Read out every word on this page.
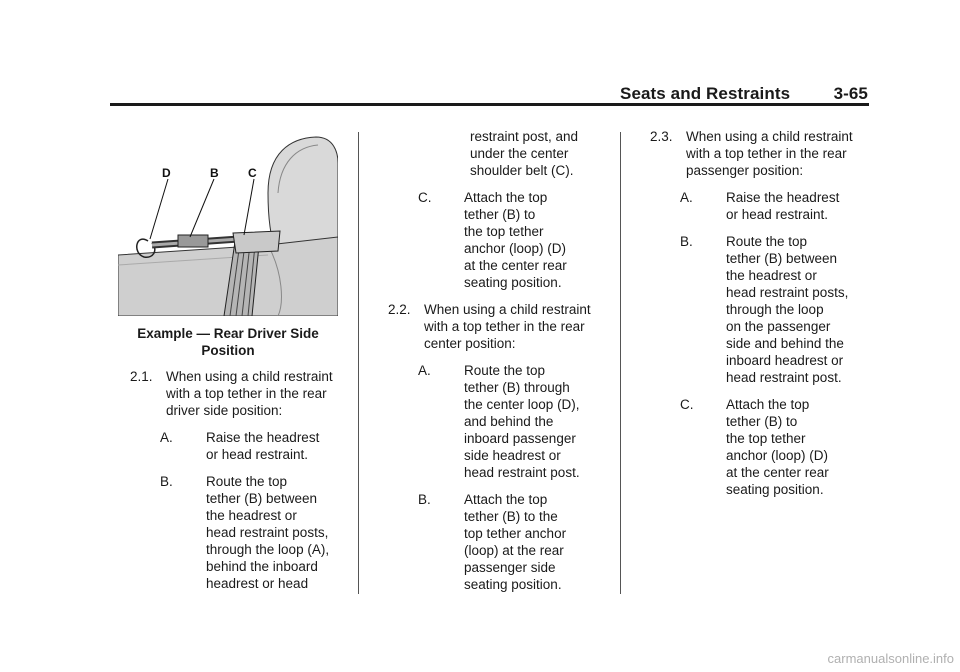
Seats and Restraints	3-65
D	B C
Example — Rear Driver Side
Position
2.1. When using a child restraint
with a top tether in the rear
driver side position:
A. Raise the headrest
or head restraint.
B. Route the top
tether (B) between
the headrest or
head restraint posts,
through the loop (A),
behind the inboard
headrest or head
restraint post, and
under the center
shoulder belt (C).
C. Attach the top
tether (B) to
the top tether
anchor (loop) (D)
at the center rear
seating position.
2.2. When using a child restraint
with a top tether in the rear
center position:
A. Route the top
tether (B) through
the center loop (D),
and behind the
inboard passenger
side headrest or
head restraint post.
B. Attach the top
tether (B) to the
top tether anchor
(loop) at the rear
passenger side
seating position.
2.3. When using a child restraint
with a top tether in the rear
passenger position:
A. Raise the headrest
or head restraint.
B. Route the top
tether (B) between
the headrest or
head restraint posts,
through the loop
on the passenger
side and behind the
inboard headrest or
head restraint post.
C. Attach the top
tether (B) to
the top tether
anchor (loop) (D)
at the center rear
seating position.
carmanualsonline.info
